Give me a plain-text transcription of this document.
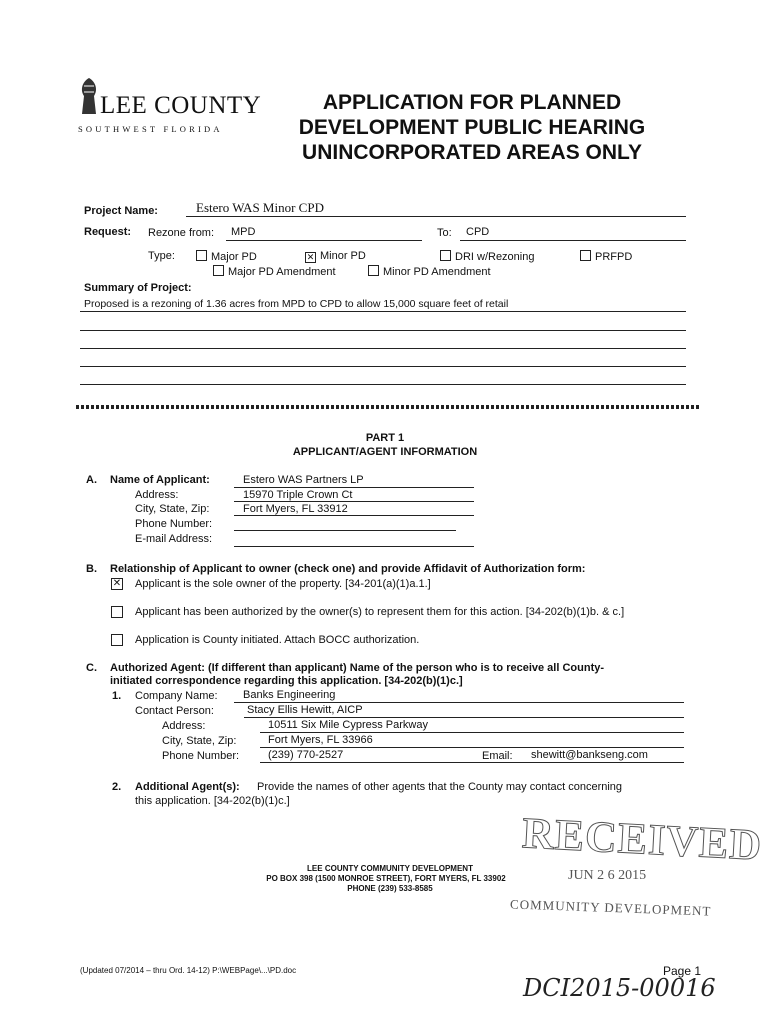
LEE COUNTY
SOUTHWEST FLORIDA
APPLICATION FOR PLANNED
DEVELOPMENT PUBLIC HEARING
UNINCORPORATED AREAS ONLY
Project Name:	Estero WAS Minor CPD
Request: Rezone from: MPD	To: CPD
Type:	Major PD	✕ Minor PD	DRI w/Rezoning	PRFPD
Major PD Amendment	Minor PD Amendment
Summary of Project:
Proposed is a rezoning of 1.36 acres from MPD to CPD to allow 15,000 square feet of retail
PART 1
APPLICANT/AGENT INFORMATION
A. Name of Applicant:	Estero WAS Partners LP
Address:	15970 Triple Crown Ct
City, State, Zip:	Fort Myers, FL 33912
Phone Number:
E-mail Address:
B. Relationship of Applicant to owner (check one) and provide Affidavit of Authorization form:
✕ Applicant is the sole owner of the property. [34-201(a)(1)a.1.]
Applicant has been authorized by the owner(s) to represent them for this action. [34-202(b)(1)b. & c.]
Application is County initiated. Attach BOCC authorization.
C. Authorized Agent: (If different than applicant) Name of the person who is to receive all County-
initiated correspondence regarding this application. [34-202(b)(1)c.]
1. Company Name: Banks Engineering
Contact Person:	Stacy Ellis Hewitt, AICP
Address:	10511 Six Mile Cypress Parkway
City, State, Zip:	Fort Myers, FL 33966
Phone Number:	(239) 770-2527	Email: shewitt@bankseng.com
2. Additional Agent(s): Provide the names of other agents that the County may contact concerning
this application. [34-202(b)(1)c.]
RECEIVED
JUN 2 6 2015
COMMUNITY DEVELOPMENT
LEE COUNTY COMMUNITY DEVELOPMENT
PO BOX 398 (1500 MONROE STREET), FORT MYERS, FL 33902
PHONE (239) 533-8585
(Updated 07/2014 – thru Ord. 14-12) P:\WEBPage\...\PD.doc	Page 1
DCI2015-00016
